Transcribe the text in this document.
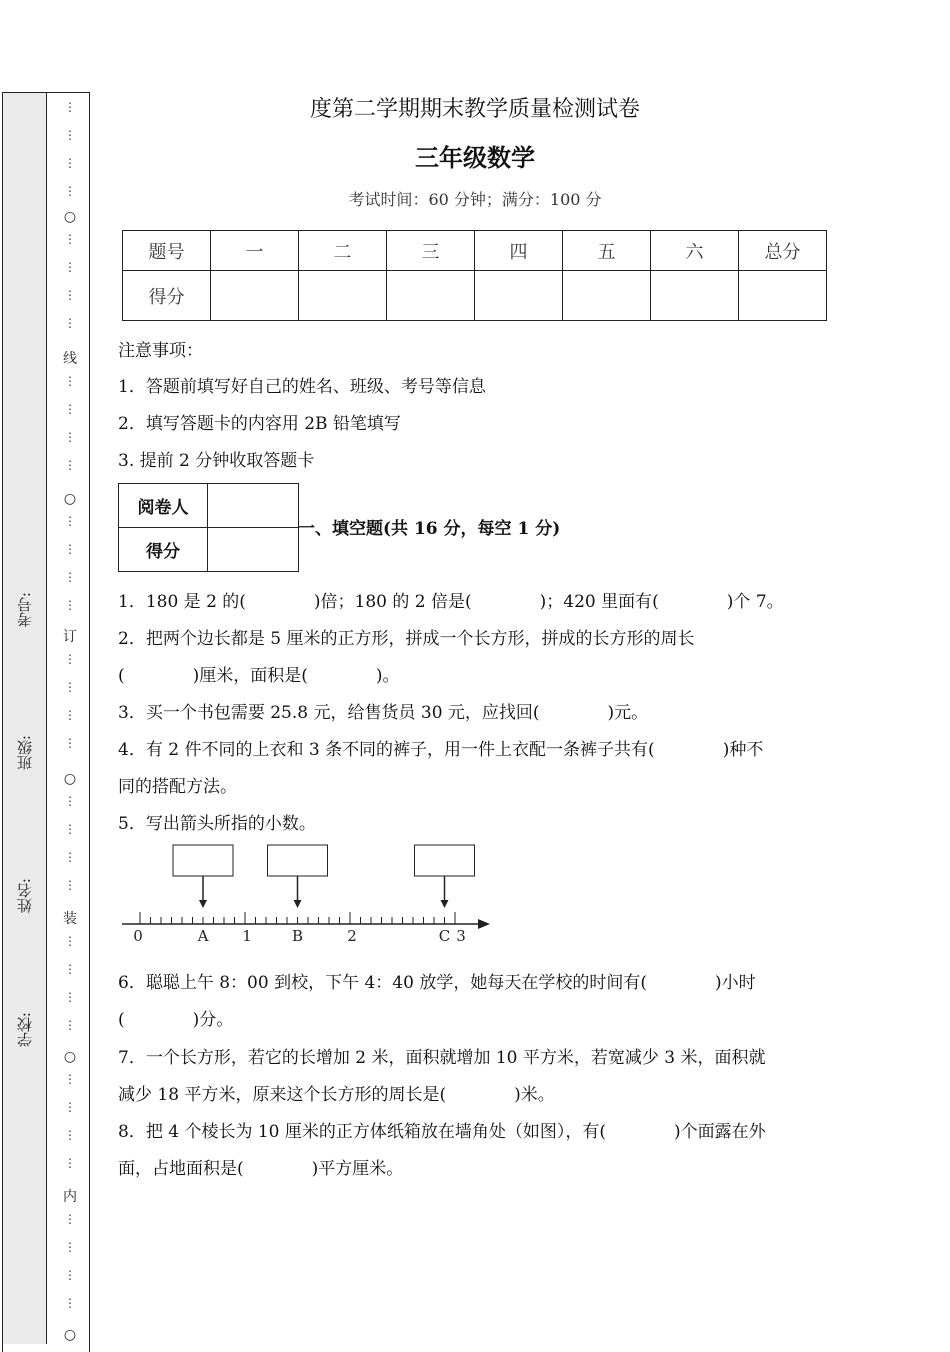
考号:
班级:
姓名:
学校:
⋮
⋮
⋮
⋮
○
⋮
⋮
⋮
⋮
线
⋮
⋮
⋮
⋮
○
⋮
⋮
⋮
⋮
订
⋮
⋮
⋮
⋮
○
⋮
⋮
⋮
⋮
装
⋮
⋮
⋮
⋮
○
⋮
⋮
⋮
⋮
内
⋮
⋮
⋮
⋮
○
度第二学期期末教学质量检测试卷
三年级数学
考试时间：60 分钟；满分：100 分
题号	一	二	三	四	五	六	总分
得分							
注意事项：
1．答题前填写好自己的姓名、班级、考号等信息
2．填写答题卡的内容用 2B 铅笔填写
3. 提前 2 分钟收取答题卡
阅卷人	
得分	
一、填空题(共 16 分，每空 1 分)
1．180 是 2 的(　　　　)倍；180 的 2 倍是(　　　　)；420 里面有(　　　　)个 7。
2．把两个边长都是 5 厘米的正方形，拼成一个长方形，拼成的长方形的周长
(　　　　)厘米，面积是(　　　　)。
3．买一个书包需要 25.8 元，给售货员 30 元，应找回(　　　　)元。
4．有 2 件不同的上衣和 3 条不同的裤子，用一件上衣配一条裤子共有(　　　　)种不
同的搭配方法。
5．写出箭头所指的小数。
0	A 1	B	2	C 3
6．聪聪上午 8：00 到校，下午 4：40 放学，她每天在学校的时间有(　　　　)小时
(　　　　)分。
7．一个长方形，若它的长增加 2 米，面积就增加 10 平方米，若宽减少 3 米，面积就
减少 18 平方米，原来这个长方形的周长是(　　　　)米。
8．把 4 个棱长为 10 厘米的正方体纸箱放在墙角处（如图），有(　　　　)个面露在外
面，占地面积是(　　　　)平方厘米。
